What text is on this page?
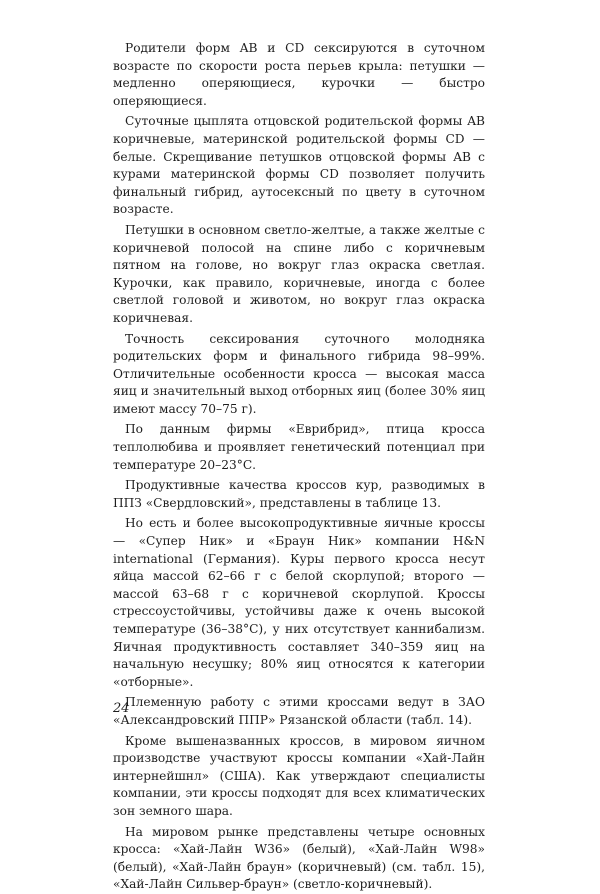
Родители форм AB и CD сексируются в суточном возрасте по скорости роста перьев крыла: петушки — медленно оперяющиеся, курочки — быстро оперяющиеся.

Суточные цыплята отцовской родительской формы AB коричневые, материнской родительской формы CD — белые. Скрещивание петушков отцовской формы AB с курами материнской формы CD позволяет получить финальный гибрид, аутосексный по цвету в суточном возрасте.

Петушки в основном светло-желтые, а также желтые с коричневой полосой на спине либо с коричневым пятном на голове, но вокруг глаз окраска светлая. Курочки, как правило, коричневые, иногда с более светлой головой и животом, но вокруг глаз окраска коричневая.

Точность сексирования суточного молодняка родительских форм и финального гибрида 98–99%. Отличительные особенности кросса — высокая масса яиц и значительный выход отборных яиц (более 30% яиц имеют массу 70–75 г).

По данным фирмы «Еврибрид», птица кросса теплолюбива и проявляет генетический потенциал при температуре 20–23°С.

Продуктивные качества кроссов кур, разводимых в ППЗ «Свердловский», представлены в таблице 13.

Но есть и более высокопродуктивные яичные кроссы — «Супер Ник» и «Браун Ник» компании H&N international (Германия). Куры первого кросса несут яйца массой 62–66 г с белой скорлупой; второго — массой 63–68 г с коричневой скорлупой. Кроссы стрессоустойчивы, устойчивы даже к очень высокой температуре (36–38°С), у них отсутствует каннибализм. Яичная продуктивность составляет 340–359 яиц на начальную несушку; 80% яиц относятся к категории «отборные».

Племенную работу с этими кроссами ведут в ЗАО «Александровский ППР» Рязанской области (табл. 14).

Кроме вышеназванных кроссов, в мировом яичном производстве участвуют кроссы компании «Хай-Лайн интернейшнл» (США). Как утверждают специалисты компании, эти кроссы подходят для всех климатических зон земного шара.

На мировом рынке представлены четыре основных кросса: «Хай-Лайн W36» (белый), «Хай-Лайн W98» (белый), «Хай-Лайн браун» (коричневый) (см. табл. 15), «Хай-Лайн Сильвер-браун» (светло-коричневый).

24
